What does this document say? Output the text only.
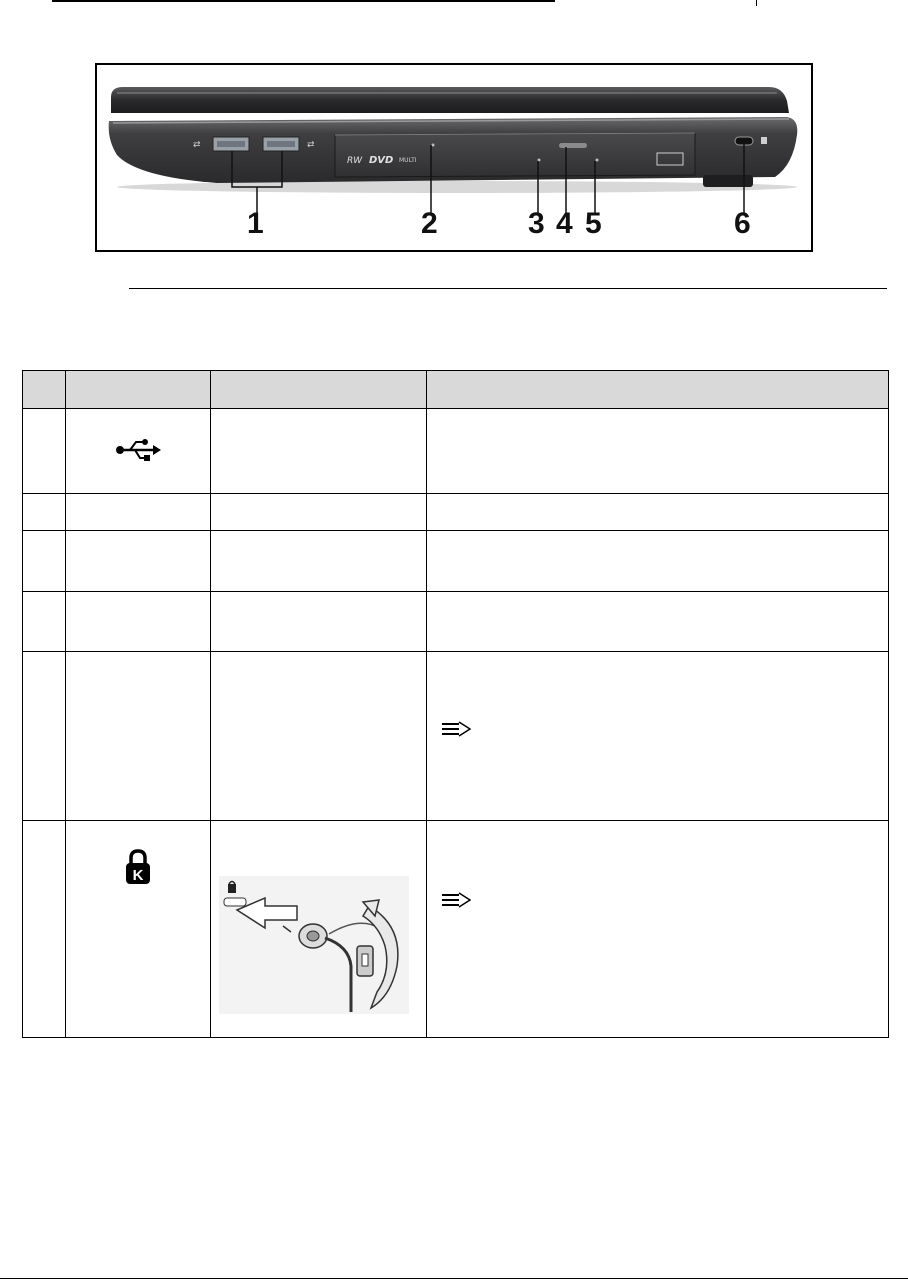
⇄	⇄
RW DVD MULTI
1	2	3 4 5	6

K
